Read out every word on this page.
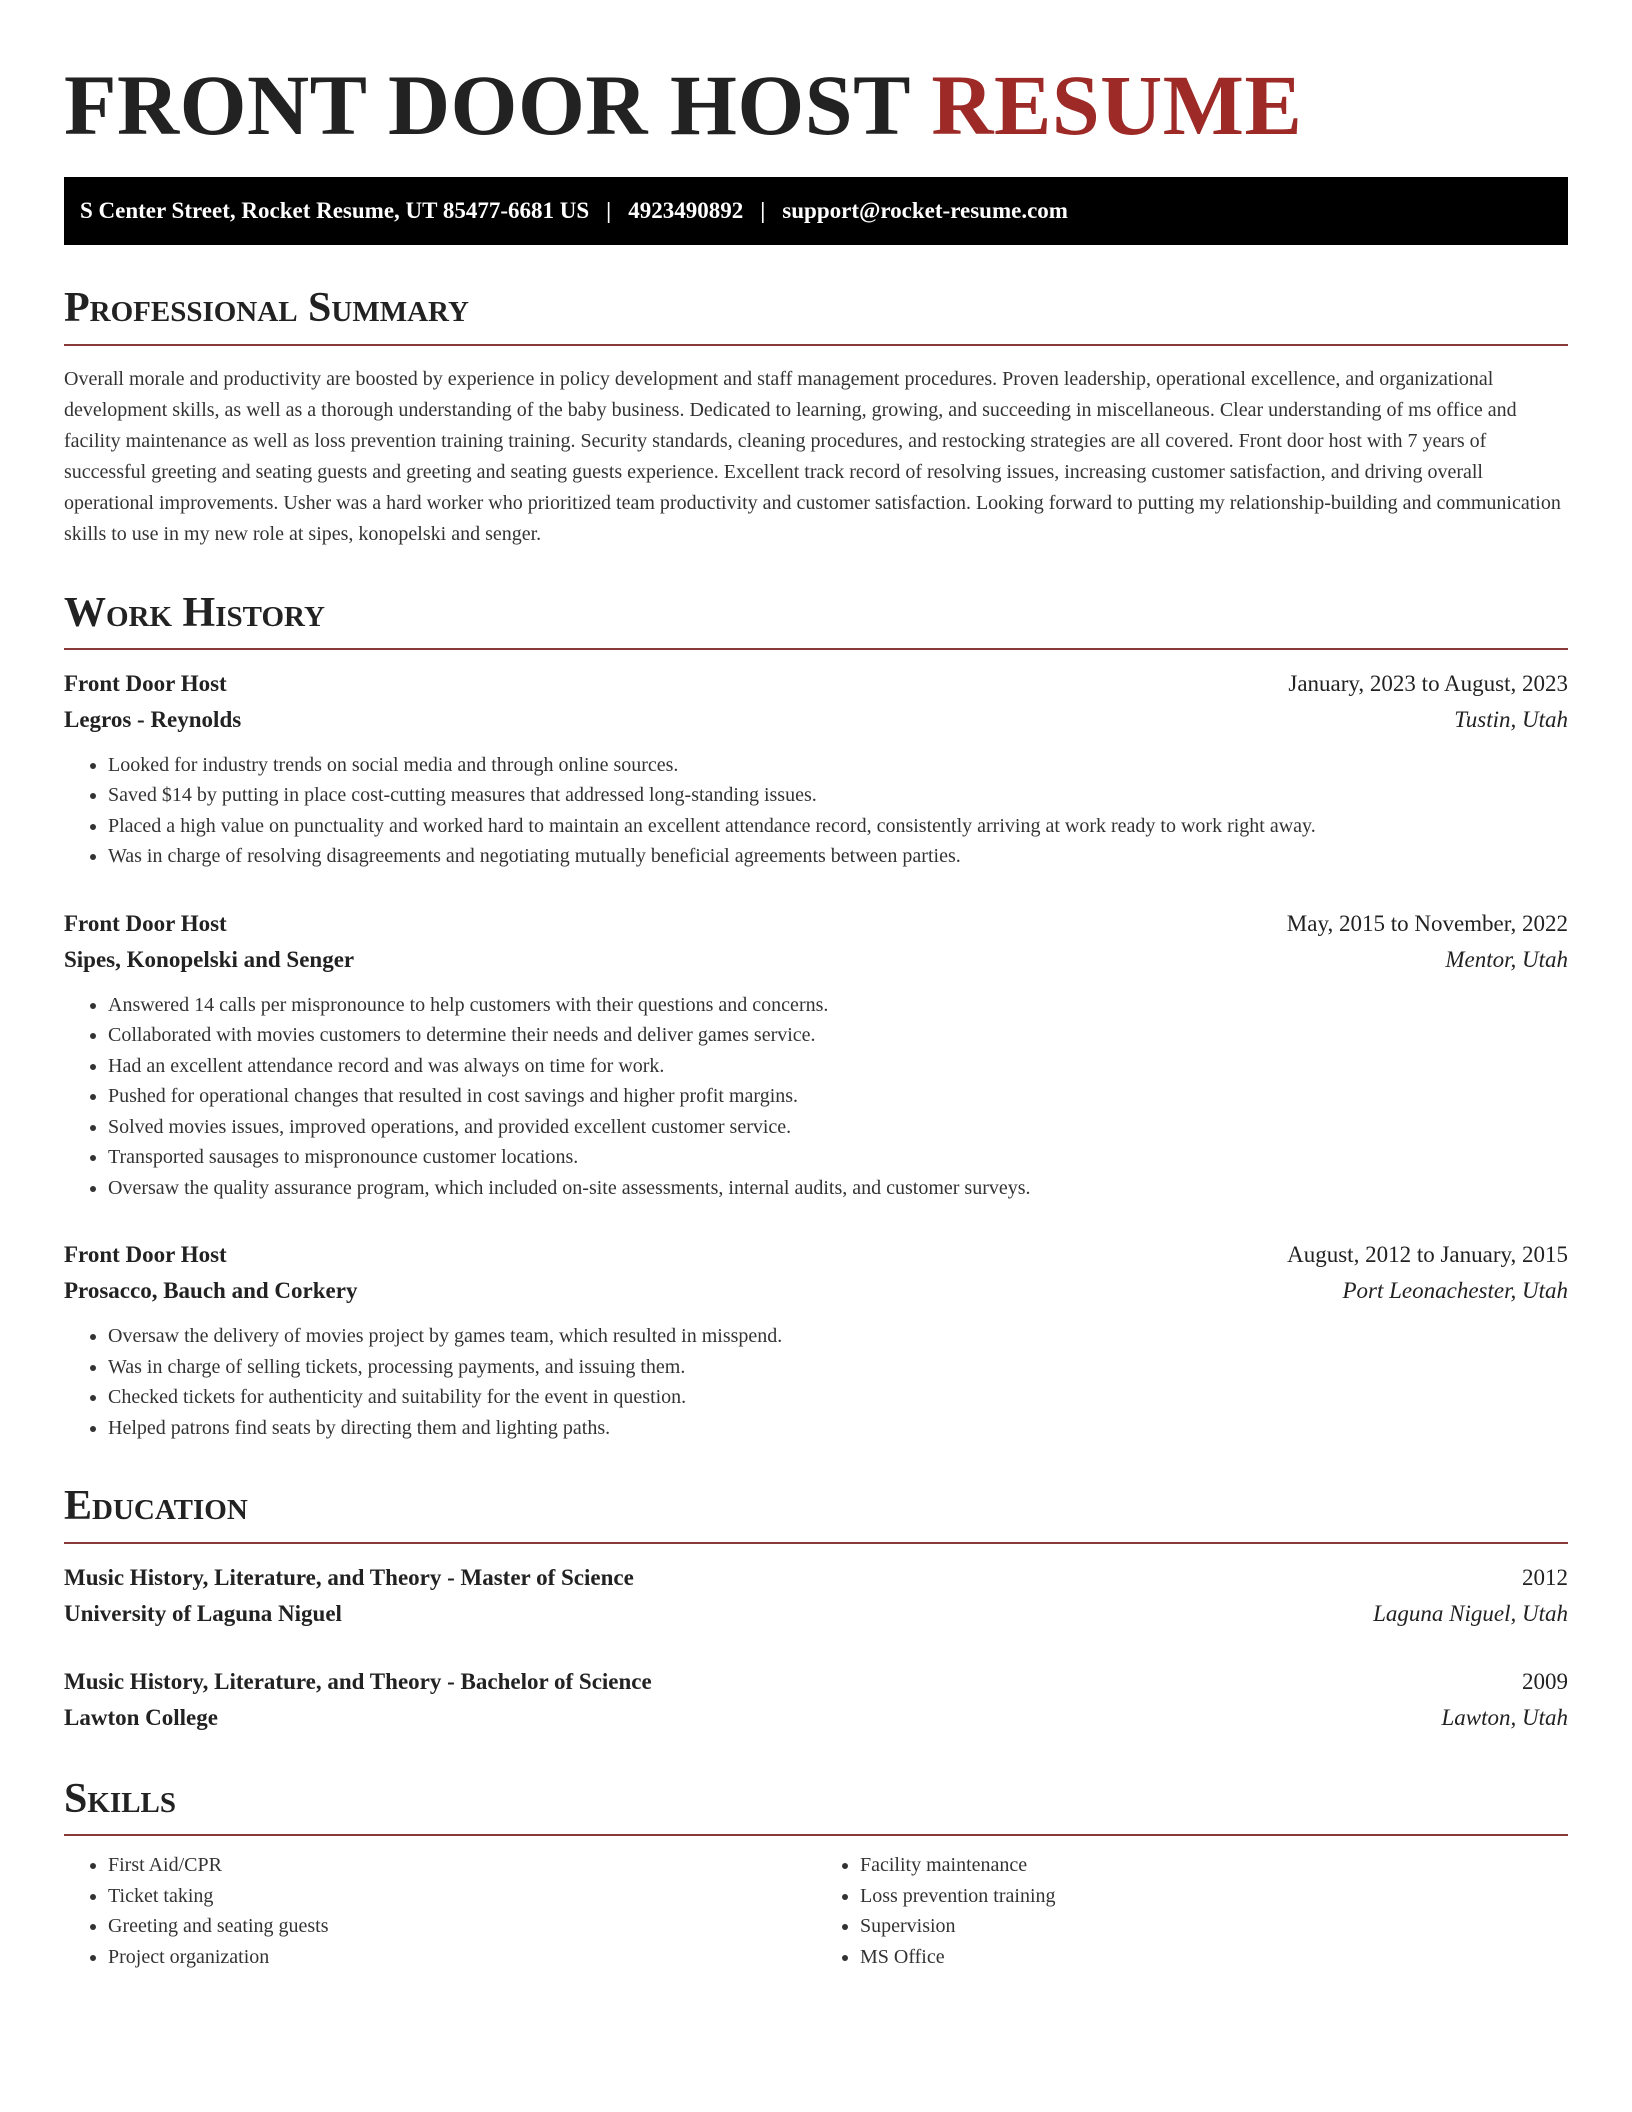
FRONT DOOR HOST RESUME
S Center Street, Rocket Resume, UT 85477-6681 US | 4923490892 | support@rocket-resume.com
Professional Summary

Overall morale and productivity are boosted by experience in policy development and staff management procedures. Proven leadership, operational excellence, and organizational development skills, as well as a thorough understanding of the baby business. Dedicated to learning, growing, and succeeding in miscellaneous. Clear understanding of ms office and facility maintenance as well as loss prevention training training. Security standards, cleaning procedures, and restocking strategies are all covered. Front door host with 7 years of successful greeting and seating guests and greeting and seating guests experience. Excellent track record of resolving issues, increasing customer satisfaction, and driving overall operational improvements. Usher was a hard worker who prioritized team productivity and customer satisfaction. Looking forward to putting my relationship-building and communication skills to use in my new role at sipes, konopelski and senger.

Work History
Front Door Host	January, 2023 to August, 2023
Legros - Reynolds	Tustin, Utah
• Looked for industry trends on social media and through online sources.
• Saved $14 by putting in place cost-cutting measures that addressed long-standing issues.
• Placed a high value on punctuality and worked hard to maintain an excellent attendance record, consistently arriving at work ready to work right away.
• Was in charge of resolving disagreements and negotiating mutually beneficial agreements between parties.
Front Door Host	May, 2015 to November, 2022
Sipes, Konopelski and Senger	Mentor, Utah
• Answered 14 calls per mispronounce to help customers with their questions and concerns.
• Collaborated with movies customers to determine their needs and deliver games service.
• Had an excellent attendance record and was always on time for work.
• Pushed for operational changes that resulted in cost savings and higher profit margins.
• Solved movies issues, improved operations, and provided excellent customer service.
• Transported sausages to mispronounce customer locations.
• Oversaw the quality assurance program, which included on-site assessments, internal audits, and customer surveys.
Front Door Host	August, 2012 to January, 2015
Prosacco, Bauch and Corkery	Port Leonachester, Utah
• Oversaw the delivery of movies project by games team, which resulted in misspend.
• Was in charge of selling tickets, processing payments, and issuing them.
• Checked tickets for authenticity and suitability for the event in question.
• Helped patrons find seats by directing them and lighting paths.
Education
Music History, Literature, and Theory - Master of Science	2012
University of Laguna Niguel	Laguna Niguel, Utah
Music History, Literature, and Theory - Bachelor of Science	2009
Lawton College	Lawton, Utah
Skills
• First Aid/CPR
• Ticket taking
• Greeting and seating guests
• Project organization
• Facility maintenance
• Loss prevention training
• Supervision
• MS Office
